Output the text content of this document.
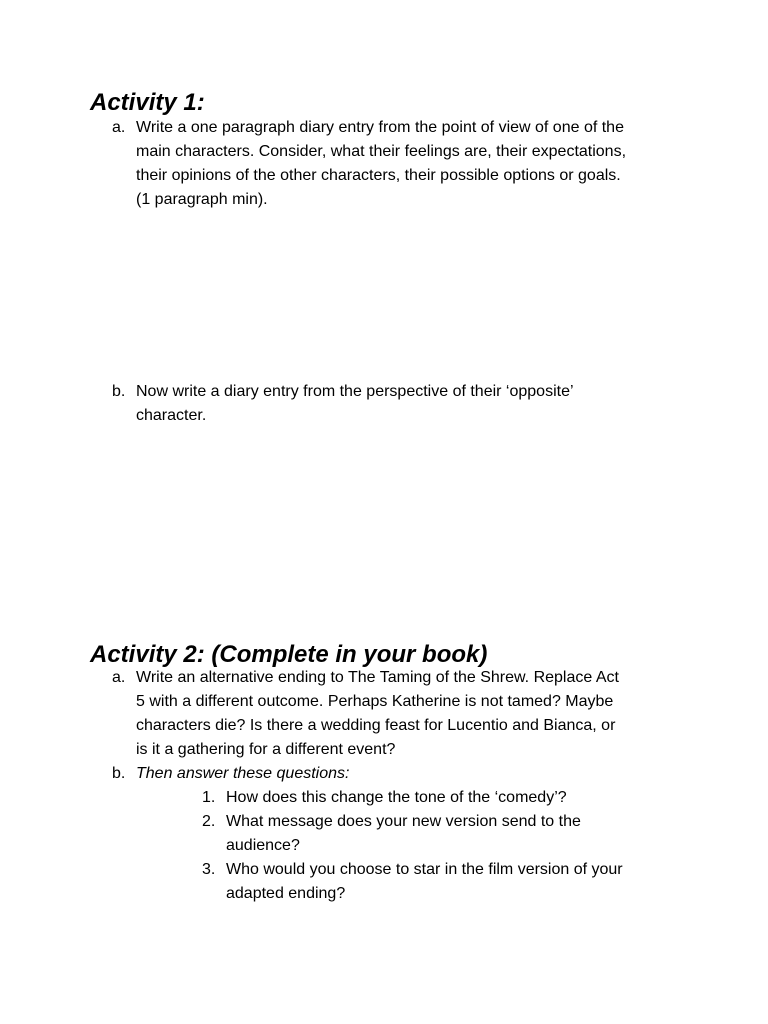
Activity 1:
a. Write a one paragraph diary entry from the point of view of one of the
main characters. Consider, what their feelings are, their expectations,
their opinions of the other characters, their possible options or goals.
(1 paragraph min).
b. Now write a diary entry from the perspective of their ‘opposite’
character.
Activity 2: (Complete in your book)
a. Write an alternative ending to The Taming of the Shrew. Replace Act
5 with a different outcome. Perhaps Katherine is not tamed? Maybe
characters die? Is there a wedding feast for Lucentio and Bianca, or
is it a gathering for a different event?
b. Then answer these questions:
1. How does this change the tone of the ‘comedy’?
2. What message does your new version send to the
audience?
3. Who would you choose to star in the film version of your
adapted ending?
